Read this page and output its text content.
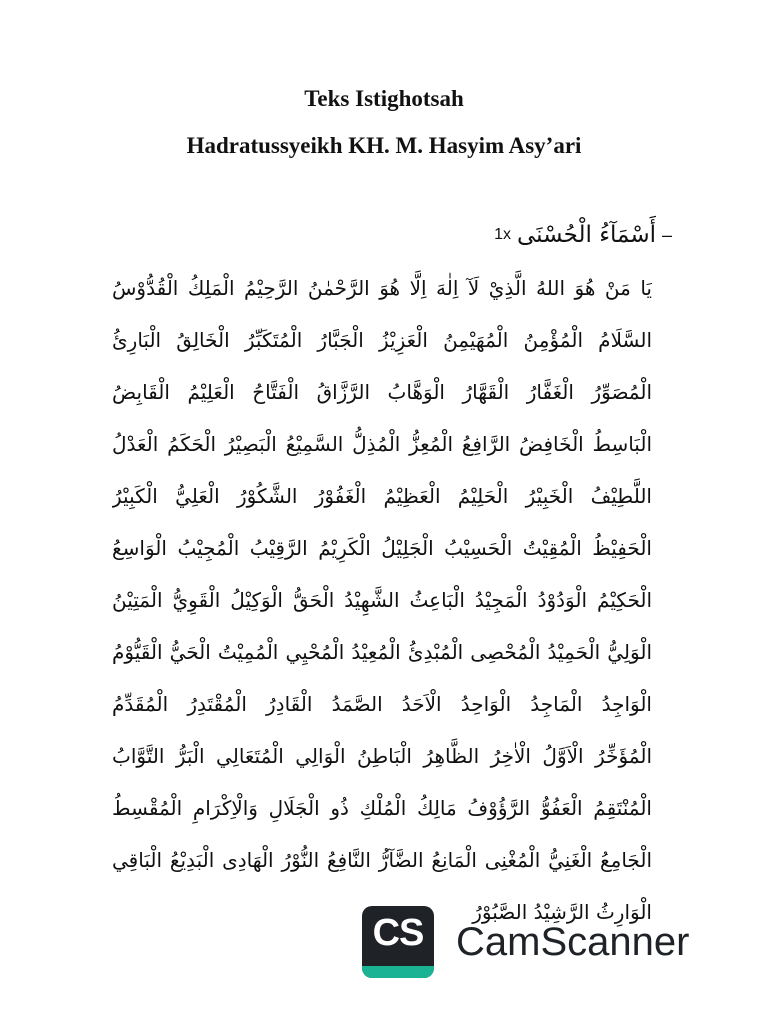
Teks Istighotsah
Hadratussyeikh KH. M. Hasyim Asy’ari
1x أَسْمَآءُ الْحُسْنَى –
يَا مَنْ هُوَ اللهُ الَّذِيْ لَآ اِلٰهَ اِلَّا هُوَ الرَّحْمٰنُ الرَّحِيْمُ الْمَلِكُ الْقُدُّوْسُ
السَّلَامُ الْمُؤْمِنُ الْمُهَيْمِنُ الْعَزِيْزُ الْجَبَّارُ الْمُتَكَبِّرُ الْخَالِقُ الْبَارِئُ
الْمُصَوِّرُ الْغَفَّارُ الْقَهَّارُ الْوَهَّابُ الرَّزَّاقُ الْفَتَّاحُ الْعَلِيْمُ الْقَابِضُ
الْبَاسِطُ الْخَافِضُ الرَّافِعُ الْمُعِزُّ الْمُذِلُّ السَّمِيْعُ الْبَصِيْرُ الْحَكَمُ الْعَدْلُ
اللَّطِيْفُ الْخَبِيْرُ الْحَلِيْمُ الْعَظِيْمُ الْغَفُوْرُ الشَّكُوْرُ الْعَلِيُّ الْكَبِيْرُ
الْحَفِيْظُ الْمُقِيْتُ الْحَسِيْبُ الْجَلِيْلُ الْكَرِيْمُ الرَّقِيْبُ الْمُجِيْبُ الْوَاسِعُ
الْحَكِيْمُ الْوَدُوْدُ الْمَجِيْدُ الْبَاعِثُ الشَّهِيْدُ الْحَقُّ الْوَكِيْلُ الْقَوِيُّ الْمَتِيْنُ
الْوَلِيُّ الْحَمِيْدُ الْمُحْصِى الْمُبْدِئُ الْمُعِيْدُ الْمُحْيِي الْمُمِيْتُ الْحَيُّ الْقَيُّوْمُ
الْوَاجِدُ الْمَاجِدُ الْوَاحِدُ الْاَحَدُ الصَّمَدُ الْقَادِرُ الْمُقْتَدِرُ الْمُقَدِّمُ
الْمُؤَخِّرُ الْاَوَّلُ الْاٰخِرُ الظَّاهِرُ الْبَاطِنُ الْوَالِي الْمُتَعَالِي الْبَرُّ التَّوَّابُ
الْمُنْتَقِمُ الْعَفُوُّ الرَّؤُوْفُ مَالِكُ الْمُلْكِ ذُو الْجَلَالِ وَالْاِكْرَامِ الْمُقْسِطُ
الْجَامِعُ الْغَنِيُّ الْمُغْنِى الْمَانِعُ الضَّآرُّ النَّافِعُ النُّوْرُ الْهَادِى الْبَدِيْعُ الْبَاقِي
الْوَارِثُ الرَّشِيْدُ الصَّبُوْرُ
CS CamScanner
